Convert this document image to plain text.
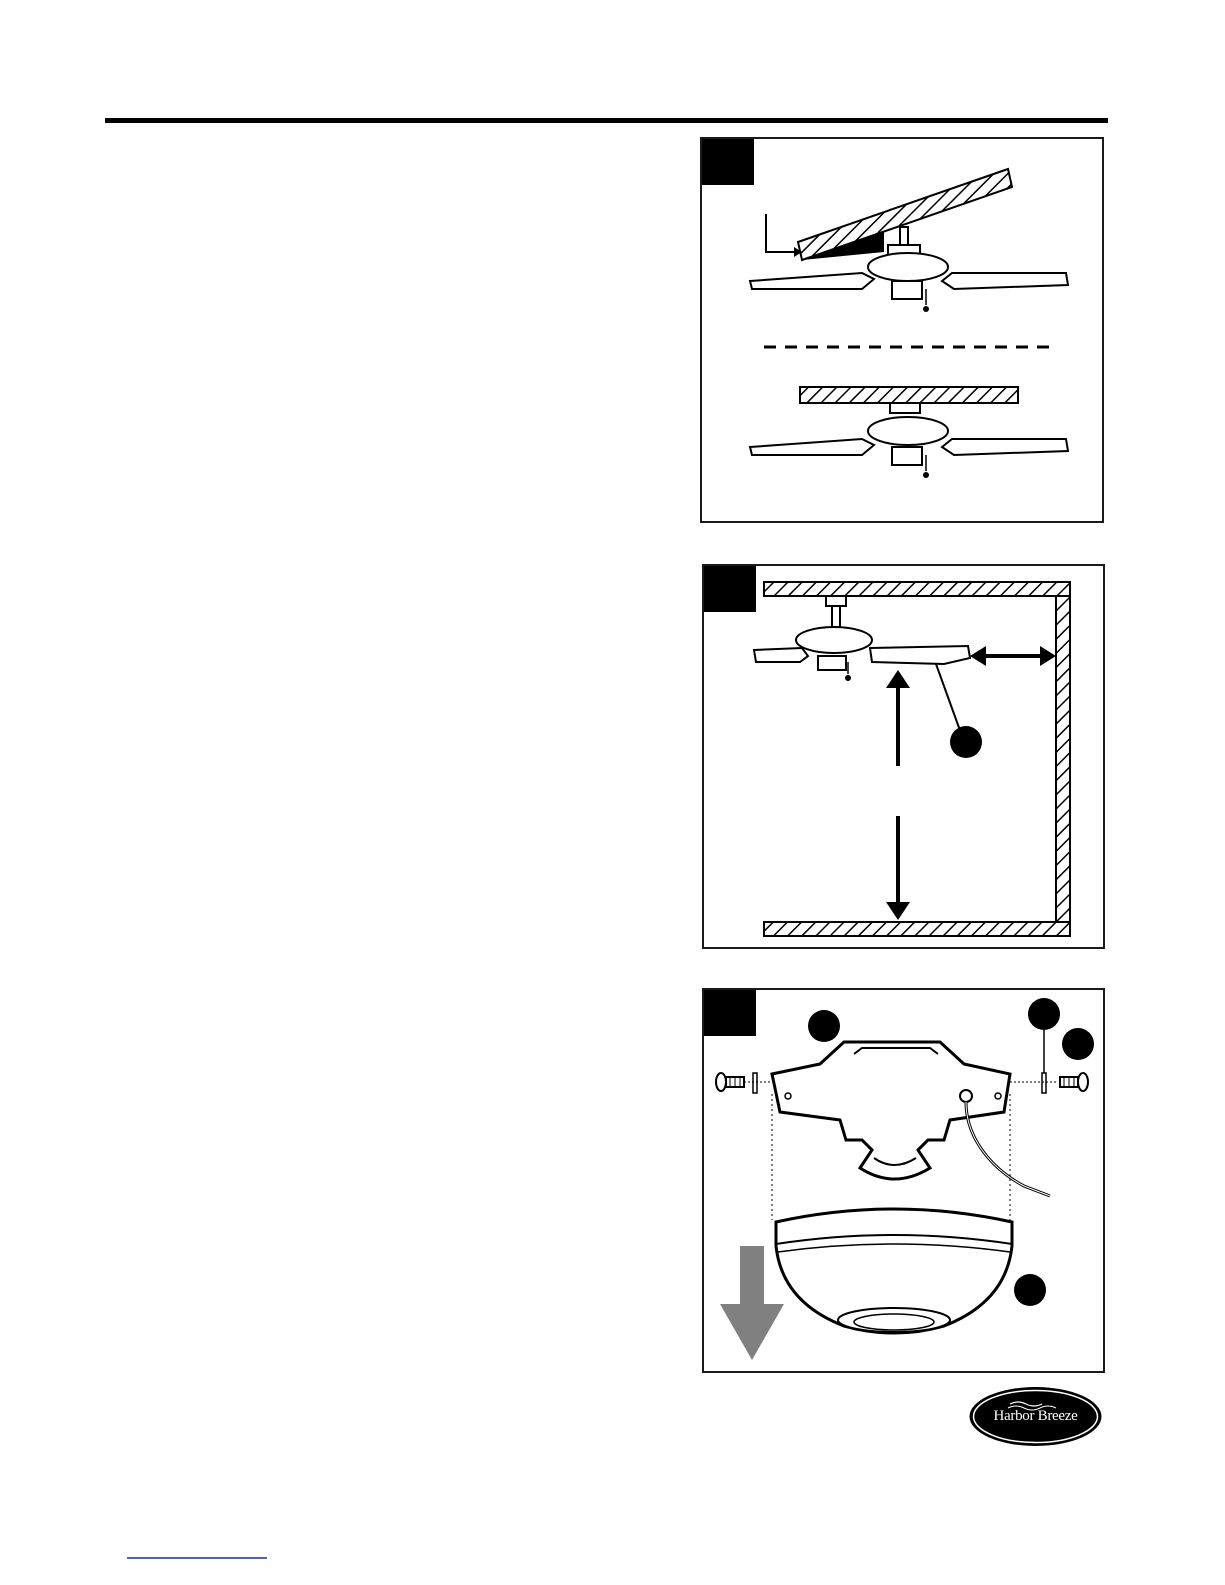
Harbor Breeze
